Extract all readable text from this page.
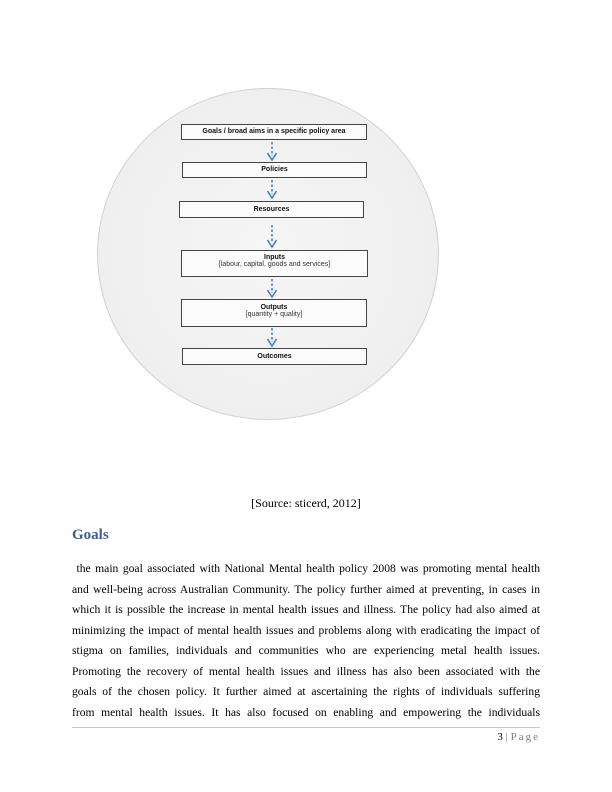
Goals / broad aims in a specific policy area
Policies
Resources
Inputs
[labour, capital, goods and services]
Outputs
[quantity + quality]
Outcomes
[Source: sticerd, 2012]
Goals
the main goal associated with National Mental health policy 2008 was promoting mental health
and well-being across Australian Community. The policy further aimed at preventing, in cases in
which it is possible the increase in mental health issues and illness. The policy had also aimed at
minimizing the impact of mental health issues and problems along with eradicating the impact of
stigma on families, individuals and communities who are experiencing metal health issues.
Promoting the recovery of mental health issues and illness has also been associated with the
goals of the chosen policy. It further aimed at ascertaining the rights of individuals suffering
from mental health issues. It has also focused on enabling and empowering the individuals
3 | Page
